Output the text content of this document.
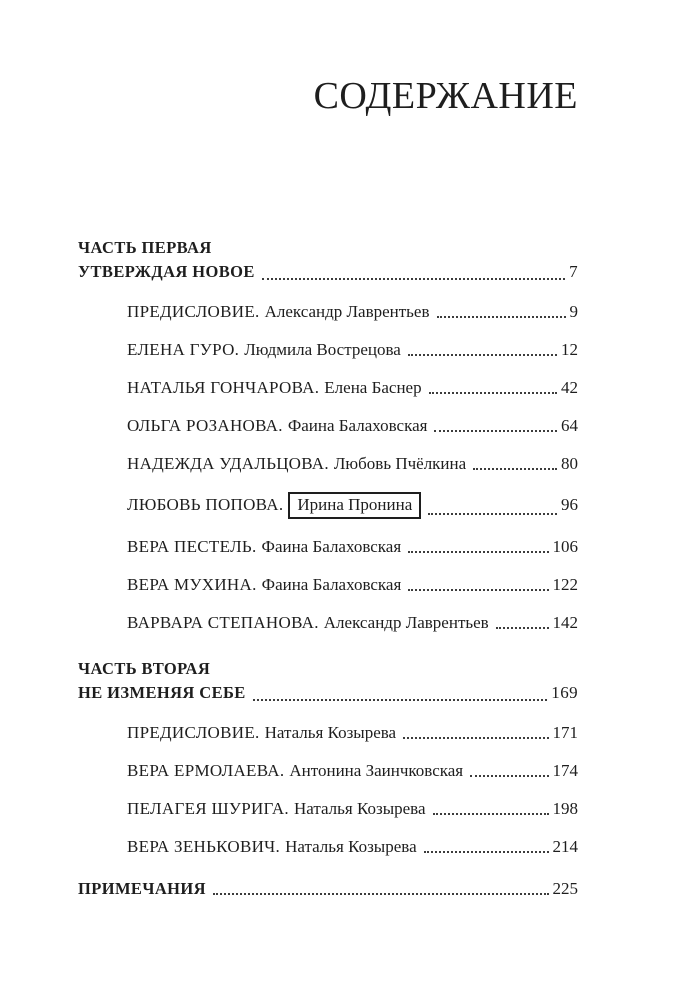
СОДЕРЖАНИЕ
ЧАСТЬ ПЕРВАЯ
УТВЕРЖДАЯ НОВОЕ	7
ПРЕДИСЛОВИЕ. Александр Лаврентьев	9
ЕЛЕНА ГУРО. Людмила Вострецова	12
НАТАЛЬЯ ГОНЧАРОВА. Елена Баснер	42
ОЛЬГА РОЗАНОВА. Фаина Балаховская	64
НАДЕЖДА УДАЛЬЦОВА. Любовь Пчёлкина	80
ЛЮБОВЬ ПОПОВА. Ирина Пронина	96
ВЕРА ПЕСТЕЛЬ. Фаина Балаховская	106
ВЕРА МУХИНА. Фаина Балаховская	122
ВАРВАРА СТЕПАНОВА. Александр Лаврентьев	142
ЧАСТЬ ВТОРАЯ
НЕ ИЗМЕНЯЯ СЕБЕ	169
ПРЕДИСЛОВИЕ. Наталья Козырева	171
ВЕРА ЕРМОЛАЕВА. Антонина Заинчковская	174
ПЕЛАГЕЯ ШУРИГА. Наталья Козырева	198
ВЕРА ЗЕНЬКОВИЧ. Наталья Козырева	214
ПРИМЕЧАНИЯ	225
